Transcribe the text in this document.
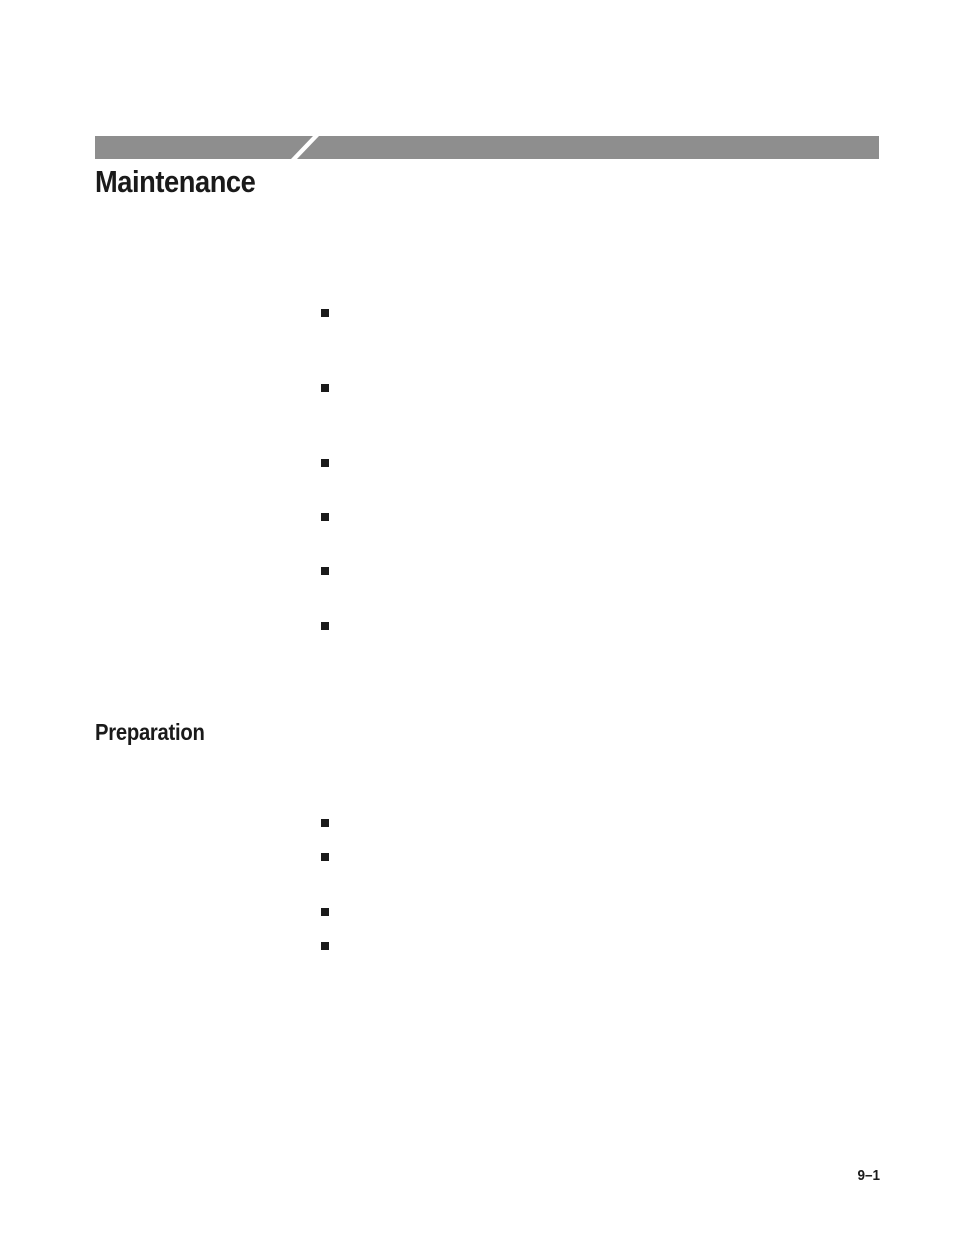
Maintenance
Preparation
9–1
